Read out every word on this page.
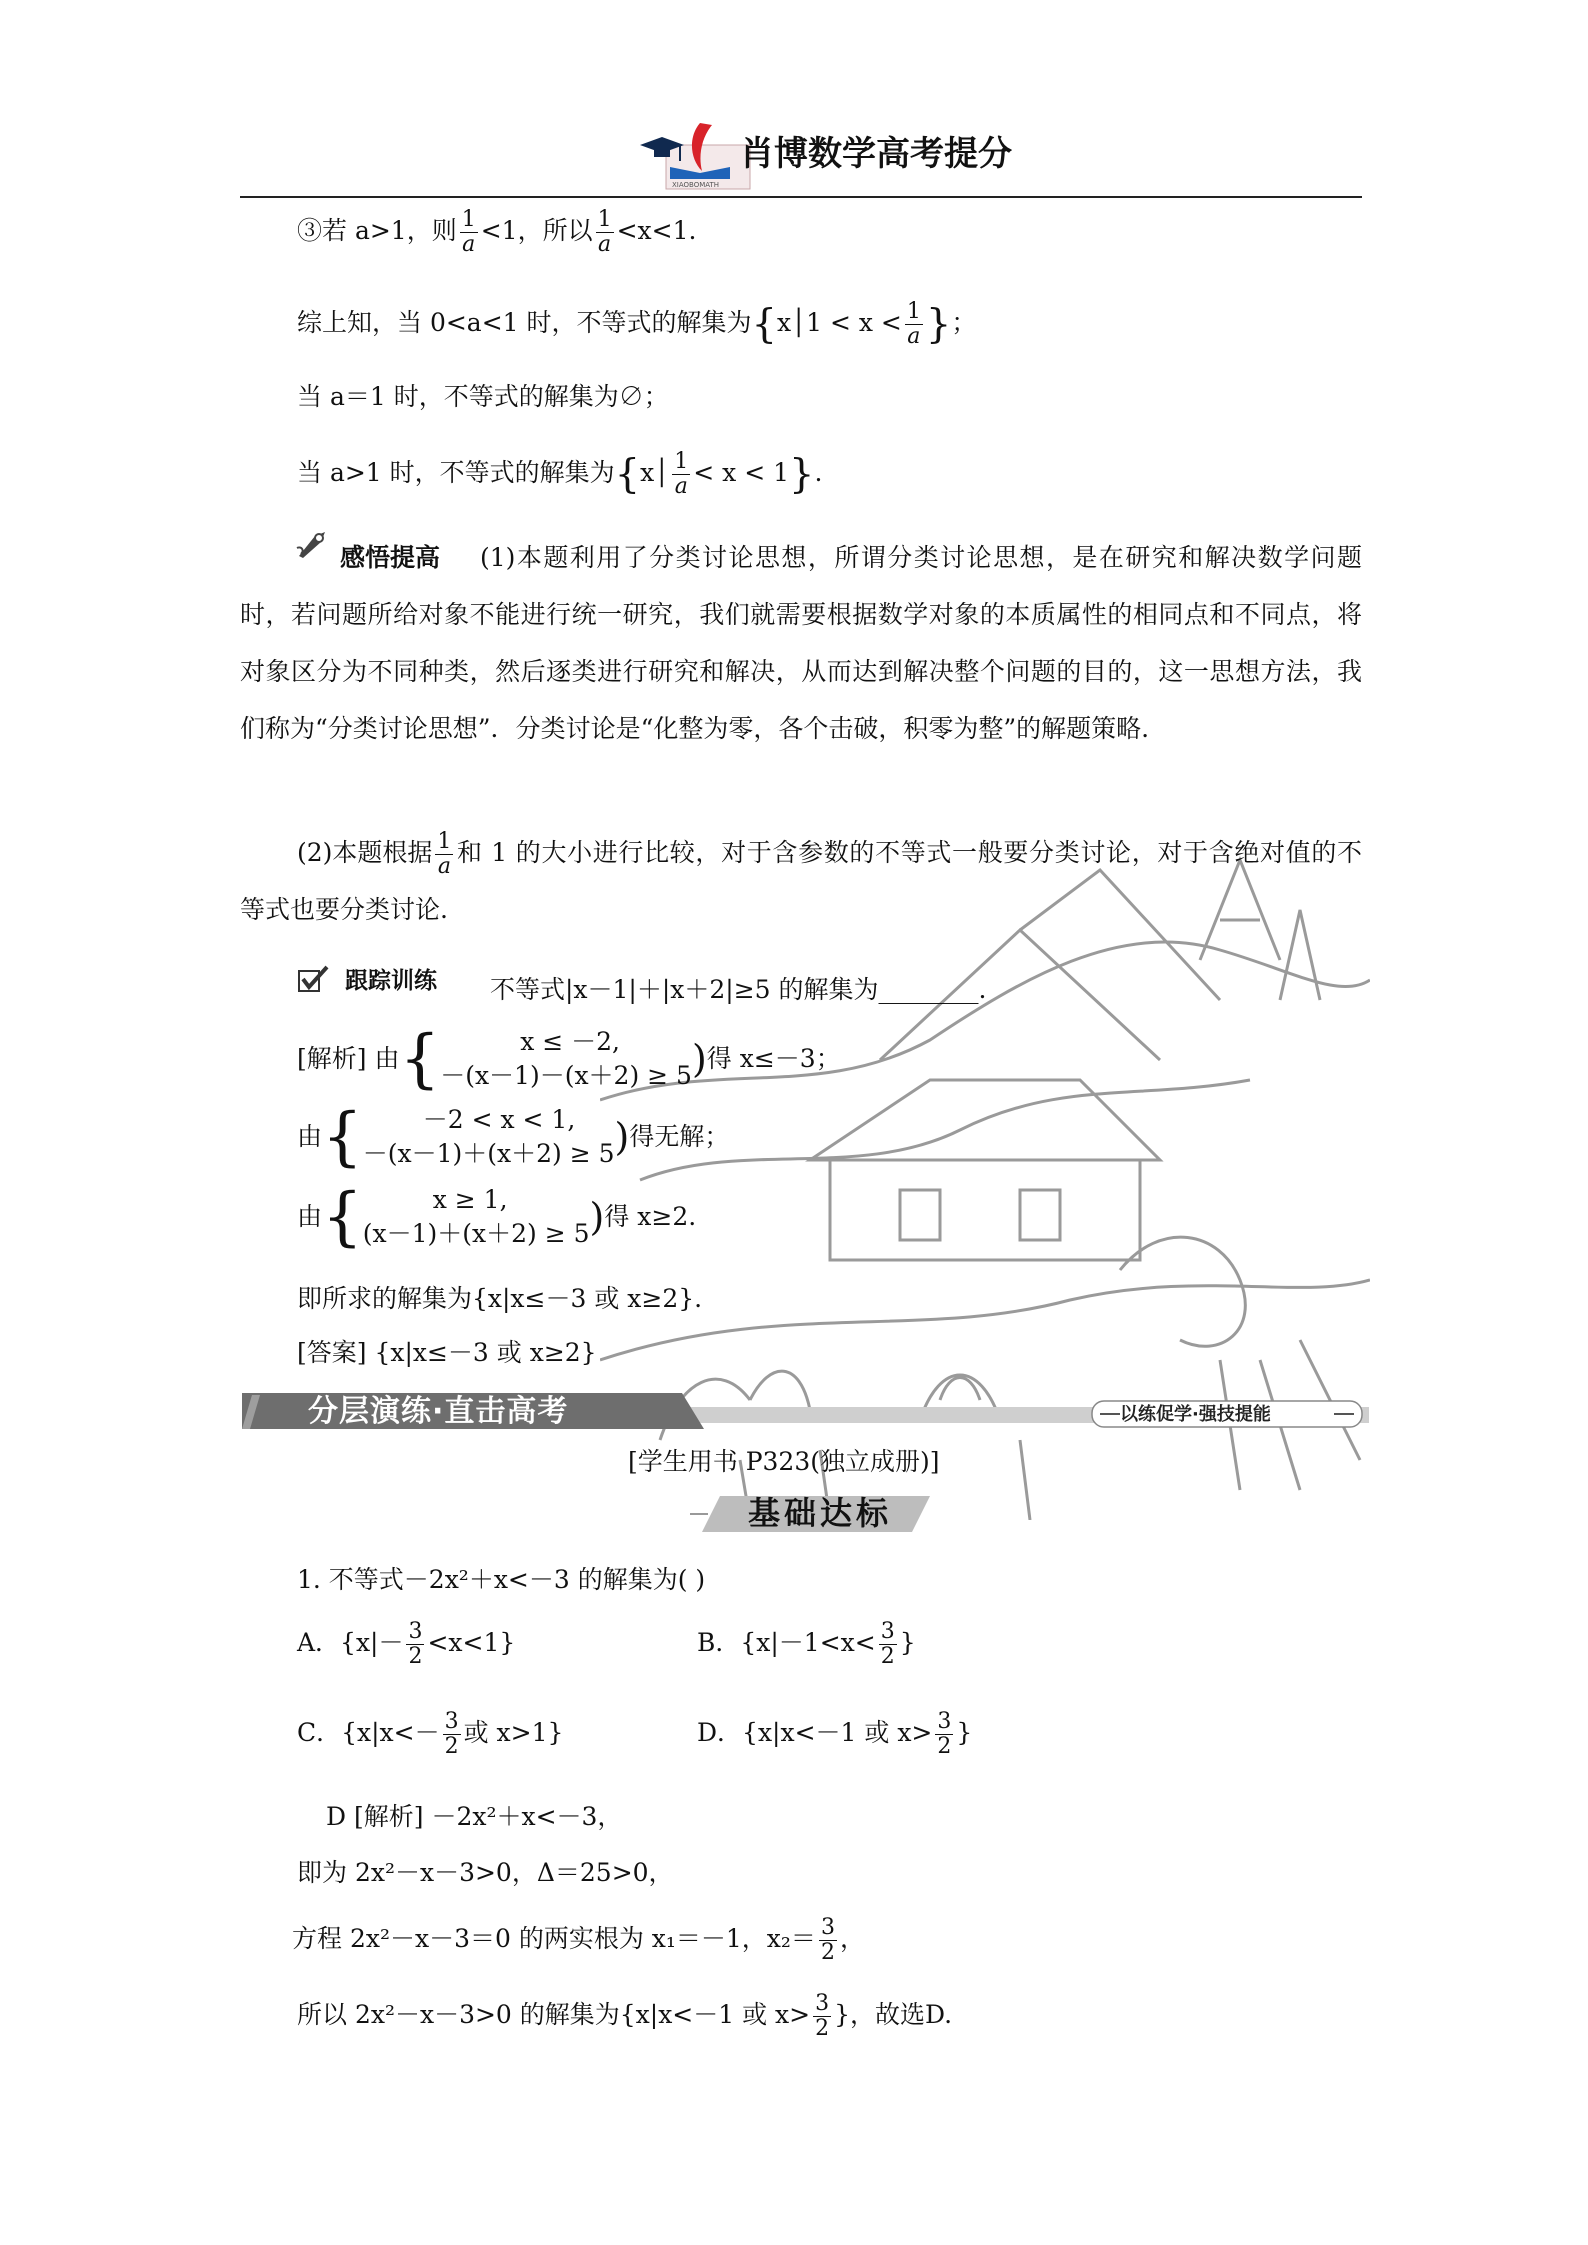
XIAOBOMATH
肖博数学高考提分
③若 a>1，则 $\frac{1}{a} <1$，所以 $\frac{1}{a} <x<1$.
综上知，当 0<a<1 时，不等式的解集为{x│1 < $x < \frac{1}{a}$ }；
当 a＝1 时，不等式的解集为∅；
当 a>1 时，不等式的解集为{x│ $\frac{1}{a} < x < 1$}.
感悟提高 (1)本题利用了分类讨论思想，所谓分类讨论思想，是在研究和解决数学问题时，若问题所给对象不能进行统一研究，我们就需要根据数学对象的本质属性的相同点和不同点，将对象区分为不同种类，然后逐类进行研究和解决，从而达到解决整个问题的目的，这一思想方法，我们称为“分类讨论思想”．分类讨论是“化整为零，各个击破，积零为整”的解题策略.
(2)本题根据 $\frac{1}{a}$ 和 1 的大小进行比较，对于含参数的不等式一般要分类讨论，对于含绝对值的不等式也要分类讨论.
跟踪训练 不等式|x－1|＋|x＋2|≥5 的解集为________.
[解析] 由{	x ≤ －2,
－(x－1)－(x＋2) ≥ 5 )得 x≤－3；
由{	－2 < x < 1,
－(x－1)＋(x＋2) ≥ 5 )得无解；
由{	x ≥ 1,
(x－1)＋(x＋2) ≥ 5 )得 x≥2.
即所求的解集为{x|x≤－3 或 x≥2}.
[答案] {x|x≤－3 或 x≥2}
分层演练·直击高考	以练促学·强技提能
[学生用书 P323(独立成册)]
基础达标
1. 不等式－2x²＋x<－3 的解集为( )
A．$\{x|- \frac{3}{2} <x<1\}$	B．{$x|-1<x< \frac{3}{2}$ }
C．{$x|x<- \frac{3}{2}$ 或 x>1}	D．{x|x<－1 或 $x> \frac{3}{2}$ }
D [解析] －2x²＋x<－3，
即为 2x²－x－3>0，Δ＝25>0，
方程 2x²－x－3＝0 的两实根为 x₁＝－1，$x_2= \frac{3}{2}$ ，
所以 2x²－x－3>0 的解集为{x|x<－1 或 $x> \frac{3}{2}$ }，故选D.
